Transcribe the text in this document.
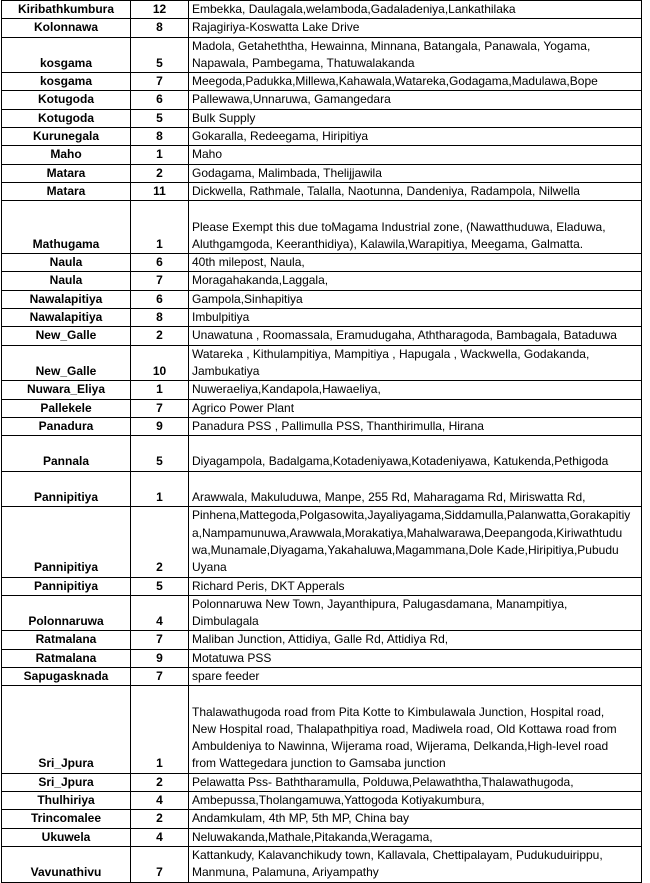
Kiribathkumbura	12	Embekka, Daulagala,welamboda,Gadaladeniya,Lankathilaka

Kolonnawa	8	Rajagiriya-Koswatta Lake Drive

kosgama	5	Madola, Getaheththa, Hewainna, Minnana, Batangala, Panawala, Yogama,
Napawala, Pambegama, Thatuwalakanda

kosgama	7	Meegoda,Padukka,Millewa,Kahawala,Watareka,Godagama,Madulawa,Bope

Kotugoda	6	Pallewawa,Unnaruwa, Gamangedara

Kotugoda	5	Bulk Supply

Kurunegala	8	Gokaralla, Redeegama, Hiripitiya

Maho	1	Maho

Matara	2	Godagama, Malimbada, Thelijjawila

Matara	11	Dickwella, Rathmale, Talalla, Naotunna, Dandeniya, Radampola, Nilwella

Mathugama	1	Please Exempt this due toMagama Industrial zone, (Nawatthuduwa, Eladuwa,
Aluthgamgoda, Keeranthidiya), Kalawila,Warapitiya, Meegama, Galmatta.

Naula	6	40th milepost, Naula,

Naula	7	Moragahakanda,Laggala,

Nawalapitiya	6	Gampola,Sinhapitiya

Nawalapitiya	8	Imbulpitiya

New_Galle	2	Unawatuna , Roomassala, Eramudugaha, Aththaragoda, Bambagala, Bataduwa

New_Galle	10	Watareka , Kithulampitiya, Mampitiya , Hapugala , Wackwella, Godakanda,
Jambukatiya

Nuwara_Eliya	1	Nuweraeliya,Kandapola,Hawaeliya,

Pallekele	7	Agrico Power Plant

Panadura	9	Panadura PSS , Pallimulla PSS, Thanthirimulla, Hirana

Pannala	5	Diyagampola, Badalgama,Kotadeniyawa,Kotadeniyawa, Katukenda,Pethigoda

Pannipitiya	1	Arawwala, Makuluduwa, Manpe, 255 Rd, Maharagama Rd, Miriswatta Rd,

Pannipitiya	2	Pinhena,Mattegoda,Polgasowita,Jayaliyagama,Siddamulla,Palanwatta,Gorakapitiy
a,Nampamunuwa,Arawwala,Morakatiya,Mahalwarawa,Deepangoda,Kiriwathtudu
wa,Munamale,Diyagama,Yakahaluwa,Magammana,Dole Kade,Hiripitiya,Pubudu
Uyana

Pannipitiya	5	Richard Peris, DKT Apperals

Polonnaruwa	4	Polonnaruwa New Town, Jayanthipura, Palugasdamana, Manampitiya,
Dimbulagala

Ratmalana	7	Maliban Junction, Attidiya, Galle Rd, Attidiya Rd,

Ratmalana	9	Motatuwa PSS

Sapugasknada	7	spare feeder

Sri_Jpura	1	Thalawathugoda road from Pita Kotte to Kimbulawala Junction, Hospital road,
New Hospital road, Thalapathpitiya road, Madiwela road, Old Kottawa road from
Ambuldeniya to Nawinna, Wijerama road, Wijerama, Delkanda,High-level road
from Wattegedara junction to Gamsaba junction

Sri_Jpura	2	Pelawatta Pss- Baththaramulla, Polduwa,Pelawaththa,Thalawathugoda,

Thulhiriya	4	Ambepussa,Tholangamuwa,Yattogoda Kotiyakumbura,

Trincomalee	2	Andamkulam, 4th MP, 5th MP, China bay

Ukuwela	4	Neluwakanda,Mathale,Pitakanda,Weragama,

Vavunathivu	7	Kattankudy, Kalavanchikudy town, Kallavala, Chettipalayam, Pudukuduirippu,
Manmuna, Palamuna, Ariyampathy
